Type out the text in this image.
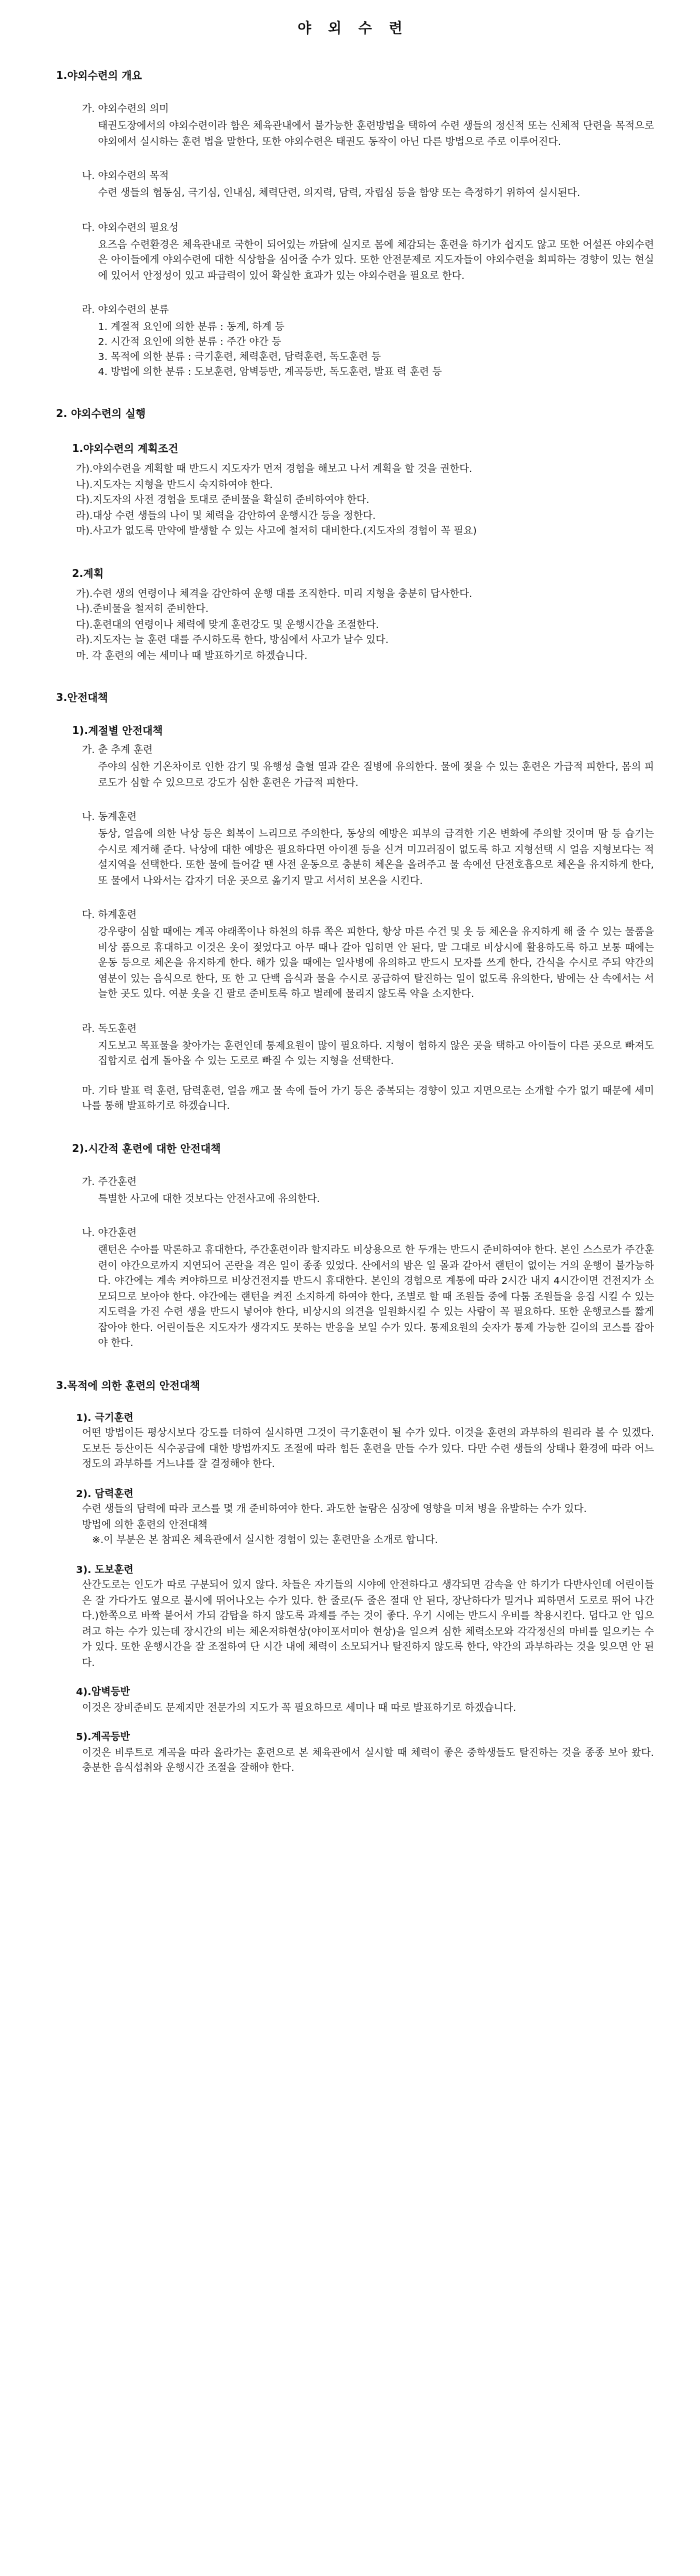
야 외 수 련
1.야외수련의 개요
가. 야외수련의 의미
태권도장에서의 야외수련이라 함은 체육관내에서 불가능한 훈련방법을 택하여 수련 생들의 정신적 또는 신체적 단련을 목적으로 야외에서 실시하는 훈련 법을 말한다, 또한 야외수련은 태권도 동작이 아닌 다른 방법으로 주로 이루어진다.
나. 야외수련의 목적
수련 생들의 협동심, 극기심, 인내심, 체력단련, 의지력, 담력, 자립심 등을 함양 또는 측정하기 위하여 실시된다.
다. 야외수련의 필요성
요즈음 수련환경은 체육관내로 국한이 되어있는 까닭에 실지로 몸에 체감되는 훈련을 하기가 쉽지도 않고 또한 어설픈 야외수련은 아이들에게 야외수련에 대한 식상함을 심어줄 수가 있다. 또한 안전문제로 지도자들이 야외수련을 회피하는 경향이 있는 현실에 있어서 안정성이 있고 파급력이 있어 확실한 효과가 있는 야외수련을 필요로 한다.
라. 야외수련의 분류
1. 계절적 요인에 의한 분류 : 동계, 하계 등
2. 시간적 요인에 의한 분류 : 주간 야간 등
3. 목적에 의한 분류 : 극기훈련, 체력훈련, 담력훈련, 독도훈련 등
4. 방법에 의한 분류 : 도보훈련, 암벽등반, 계곡등반, 독도훈련, 발표 력 훈련 등
2. 야외수련의 실행
1.야외수련의 계획조건
가).야외수련을 계획할 때 반드시 지도자가 먼저 경험을 해보고 나서 계획을 할 것을 권한다.
나).지도자는 지형을 반드시 숙지하여야 한다.
다).지도자의 사전 경험을 토대로 준비물을 확실히 준비하여야 한다.
라).대상 수련 생들의 나이 및 체력을 감안하여 운행시간 등을 정한다.
마).사고가 없도록 만약에 발생할 수 있는 사고에 철저히 대비한다.(지도자의 경험이 꼭 필요)
2.계획
가).수련 생의 연령이나 체격을 감안하여 운행 대를 조직한다. 미리 지형을 충분히 답사한다.
나).준비물을 철저히 준비한다.
다).훈련대의 연령이나 체력에 맞게 훈련강도 및 운행시간을 조절한다.
라).지도자는 늘 훈련 대를 주시하도록 한다, 방심에서 사고가 날수 있다.
마. 각 훈련의 예는 세미나 때 발표하기로 하겠습니다.
3.안전대책
1).계절별 안전대책
가. 춘 추계 훈련
주야의 심한 기온차이로 인한 감기 및 유행성 출혈 열과 같은 질병에 유의한다. 물에 젖을 수 있는 훈련은 가급적 피한다, 몸의 피로도가 심할 수 있으므로 강도가 심한 훈련은 가급적 피한다.
나. 동계훈련
동상, 얼음에 의한 낙상 등은 회복이 느리므로 주의한다, 동상의 예방은 피부의 급격한 기온 변화에 주의할 것이며 땀 등 습기는 수시로 제거해 준다. 낙상에 대한 예방은 필요하다면 아이젠 등을 신겨 미끄러짐이 없도록 하고 지형선택 시 얼음 지형보다는 적설지역을 선택한다. 또한 물에 들어갈 땐 사전 운동으로 충분히 체온을 올려주고 물 속에선 단전호흡으로 체온을 유지하게 한다, 또 물에서 나와서는 갑자기 더운 곳으로 옮기지 말고 서서히 보온을 시킨다.
다. 하계훈련
강우량이 심할 때에는 계곡 야래쪽이나 하천의 하류 쪽은 피한다, 항상 마른 수건 및 옷 등 체온을 유지하게 해 줄 수 있는 물품을 비상 품으로 휴대하고 이것은 옷이 젖었다고 아무 때나 갈아 입히면 안 된다, 말 그대로 비상시에 활용하도록 하고 보통 때에는 운동 등으로 체온을 유지하게 한다. 해가 있을 때에는 일사병에 유의하고 반드시 모자를 쓰게 한다, 간식을 수시로 주되 약간의 염분이 있는 음식으로 한다, 또 한 고 단백 음식과 물을 수시로 공급하여 탈진하는 일이 없도록 유의한다, 밤에는 산 속에서는 서늘한 곳도 있다. 여분 옷을 긴 팔로 준비토록 하고 벌레에 물리지 않도록 약을 소지한다.
라. 독도훈련
지도보고 목표물을 찾아가는 훈련인데 통제요원이 많이 필요하다. 지형이 험하지 않은 곳을 택하고 아이들이 다른 곳으로 빠져도 집합지로 쉽게 돌아올 수 있는 도로로 빠질 수 있는 지형을 선택한다.
마. 기타 발표 력 훈련, 담력훈련, 얼음 깨고 물 속에 들어 가기 등은 중복되는 경향이 있고 지면으로는 소개할 수가 없기 때문에 세미나를 통해 발표하기로 하겠습니다.
2).시간적 훈련에 대한 안전대책
가. 주간훈련
특별한 사고에 대한 것보다는 안전사고에 유의한다.
나. 야간훈련
랜턴은 수아를 막론하고 휴대한다, 주간훈련이라 할지라도 비상용으로 한 두개는 반드시 준비하여야 한다. 본인 스스로가 주간훈련이 야간으로까지 지연되어 곤란을 격은 일이 종종 있었다. 산에서의 밤은 일 몰과 같아서 랜턴이 없이는 거의 운행이 불가능하다. 야간에는 계속 켜야하므로 비상건전지를 반드시 휴대한다. 본인의 경험으로 계통에 따라 2시간 내지 4시간이면 건전지가 소모되므로 보아야 한다. 야간에는 랜턴을 켜진 소지하게 하여야 한다, 조별로 할 때 조원들 중에 다툼 조원들을 응집 시킬 수 있는 지도력을 가진 수련 생을 반드시 넣어야 한다, 비상시의 의견을 일원화시킬 수 있는 사람이 꼭 필요하다. 또한 운행코스를 짧게 잡아야 한다. 어린이들은 지도자가 생각지도 못하는 반응을 보일 수가 있다. 통제요원의 숫자가 통제 가능한 길이의 코스를 잡아야 한다.
3.목적에 의한 훈련의 안전대책
1). 극기훈련
어떤 방법이든 평상시보다 강도를 더하여 실시하면 그것이 극기훈련이 될 수가 있다. 이것을 훈련의 과부하의 원리라 볼 수 있겠다. 도보든 등산이든 식수공급에 대한 방법까지도 조절에 따라 힘든 훈련을 만들 수가 있다. 다만 수련 생들의 상태나 환경에 따라 어느 정도의 과부하를 거느냐를 잘 결정해야 한다.
2). 담력훈련
수련 생들의 담력에 따라 코스를 몇 개 준비하여야 한다. 과도한 놀람은 심장에 영향을 미쳐 병을 유발하는 수가 있다.
방법에 의한 훈련의 안전대책
※.이 부분은 본 참피온 체육관에서 실시한 경험이 있는 훈련만을 소개로 합니다.
3). 도보훈련
산간도로는 인도가 따로 구분되어 있지 않다. 차들은 자기들의 시야에 안전하다고 생각되면 감속을 안 하기가 다반사인데 어린이들은 잘 가다가도 옆으로 불시에 뛰어나오는 수가 있다. 한 줄로(두 줄은 절대 안 된다, 장난하다가 밀거나 피하면서 도로로 뛰어 나간다.)한쪽으로 바짝 붙어서 가되 감탑을 하지 않도록 과제를 주는 것이 좋다. 우기 시에는 반드시 우비를 착용시킨다. 덥다고 안 입으려고 하는 수가 있는데 장시간의 비는 체온저하현상(야이포서미아 현상)을 일으켜 심한 체력소모와 각각정신의 마비를 일으키는 수가 있다. 또한 운행시간을 잘 조절하여 단 시간 내에 체력이 소모되거나 탈진하지 않도록 한다, 약간의 과부하라는 것을 잊으면 안 된다.
4).암벽등반
이것은 장비준비도 문제지만 전문가의 지도가 꼭 필요하므로 세미나 때 따로 발표하기로 하겠습니다.
5).계곡등반
이것은 비루트로 계곡을 따라 올라가는 훈련으로 본 체육관에서 실시할 때 체력이 좋은 중학생들도 탈진하는 것을 종종 보아 왔다. 충분한 음식섭취와 운행시간 조절을 잘해야 한다.
